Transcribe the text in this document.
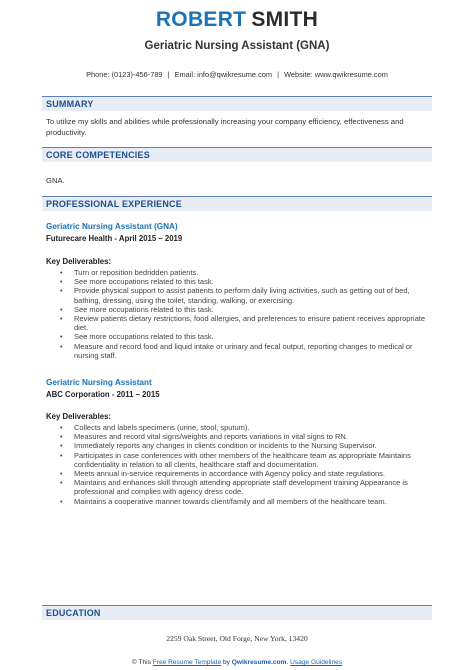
ROBERT SMITH
Geriatric Nursing Assistant (GNA)
Phone: (0123)-456-789 | Email: info@qwikresume.com | Website: www.qwikresume.com
SUMMARY
To utilize my skills and abilities while professionally increasing your company efficiency, effectiveness and productivity.
CORE COMPETENCIES
GNA.
PROFESSIONAL EXPERIENCE
Geriatric Nursing Assistant (GNA)
Futurecare Health - April 2015 – 2019
Key Deliverables:
• Turn or reposition bedridden patients.
• See more occupations related to this task.
• Provide physical support to assist patients to perform daily living activities, such as getting out of bed, bathing, dressing, using the toilet, standing, walking, or exercising.
• See more occupations related to this task.
• Review patients dietary restrictions, food allergies, and preferences to ensure patient receives appropriate diet.
• See more occupations related to this task.
• Measure and record food and liquid intake or urinary and fecal output, reporting changes to medical or nursing staff.
Geriatric Nursing Assistant
ABC Corporation - 2011 – 2015
Key Deliverables:
• Collects and labels specimens (urine, stool, sputum).
• Measures and record vital signs/weights and reports variations in vital signs to RN.
• Immediately reports any changes in clients condition or incidents to the Nursing Supervisor.
• Participates in case conferences with other members of the healthcare team as appropriate Maintains confidentiality in relation to all clients, healthcare staff and documentation.
• Meets annual in-service requirements in accordance with Agency policy and state regulations.
• Maintains and enhances skill through attending appropriate staff development training Appearance is professional and complies with agency dress code.
• Maintains a cooperative manner towards client/family and all members of the healthcare team.
EDUCATION
2259 Oak Street, Old Forge, New York, 13420
© This Free Resume Template by Qwikresume.com. Usage Guidelines
